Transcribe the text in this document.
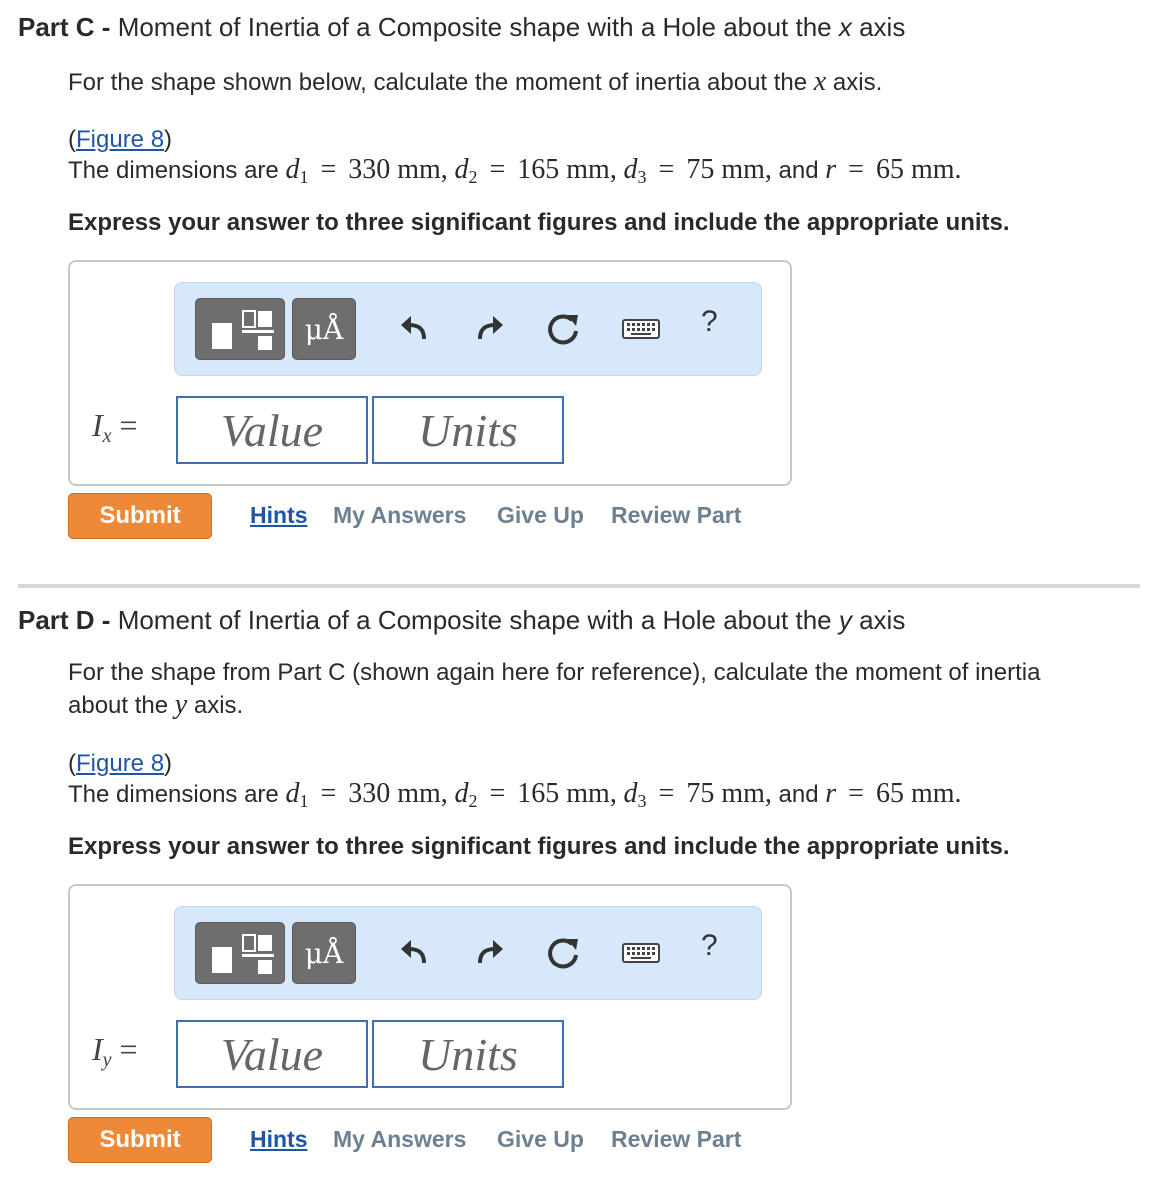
Part C - Moment of Inertia of a Composite shape with a Hole about the x axis
For the shape shown below, calculate the moment of inertia about the x axis.
(Figure 8)
The dimensions are $d_1 = 330$ mm, $d_2 = 165$ mm, $d_3 = 75$ mm, and r = 65 mm.
Express your answer to three significant figures and include the appropriate units.
μÅ	?
$I_x$ =
Value
Units
Submit	Hints My Answers Give Up Review Part
Part D - Moment of Inertia of a Composite shape with a Hole about the y axis
For the shape from Part C (shown again here for reference), calculate the moment of inertia
about the y axis.
(Figure 8)
The dimensions are $d_1 = 330$ mm, $d_2 = 165$ mm, $d_3 = 75$ mm, and r = 65 mm.
Express your answer to three significant figures and include the appropriate units.
μÅ	?
$I_y$ =
Value
Units
Submit	Hints My Answers Give Up Review Part
